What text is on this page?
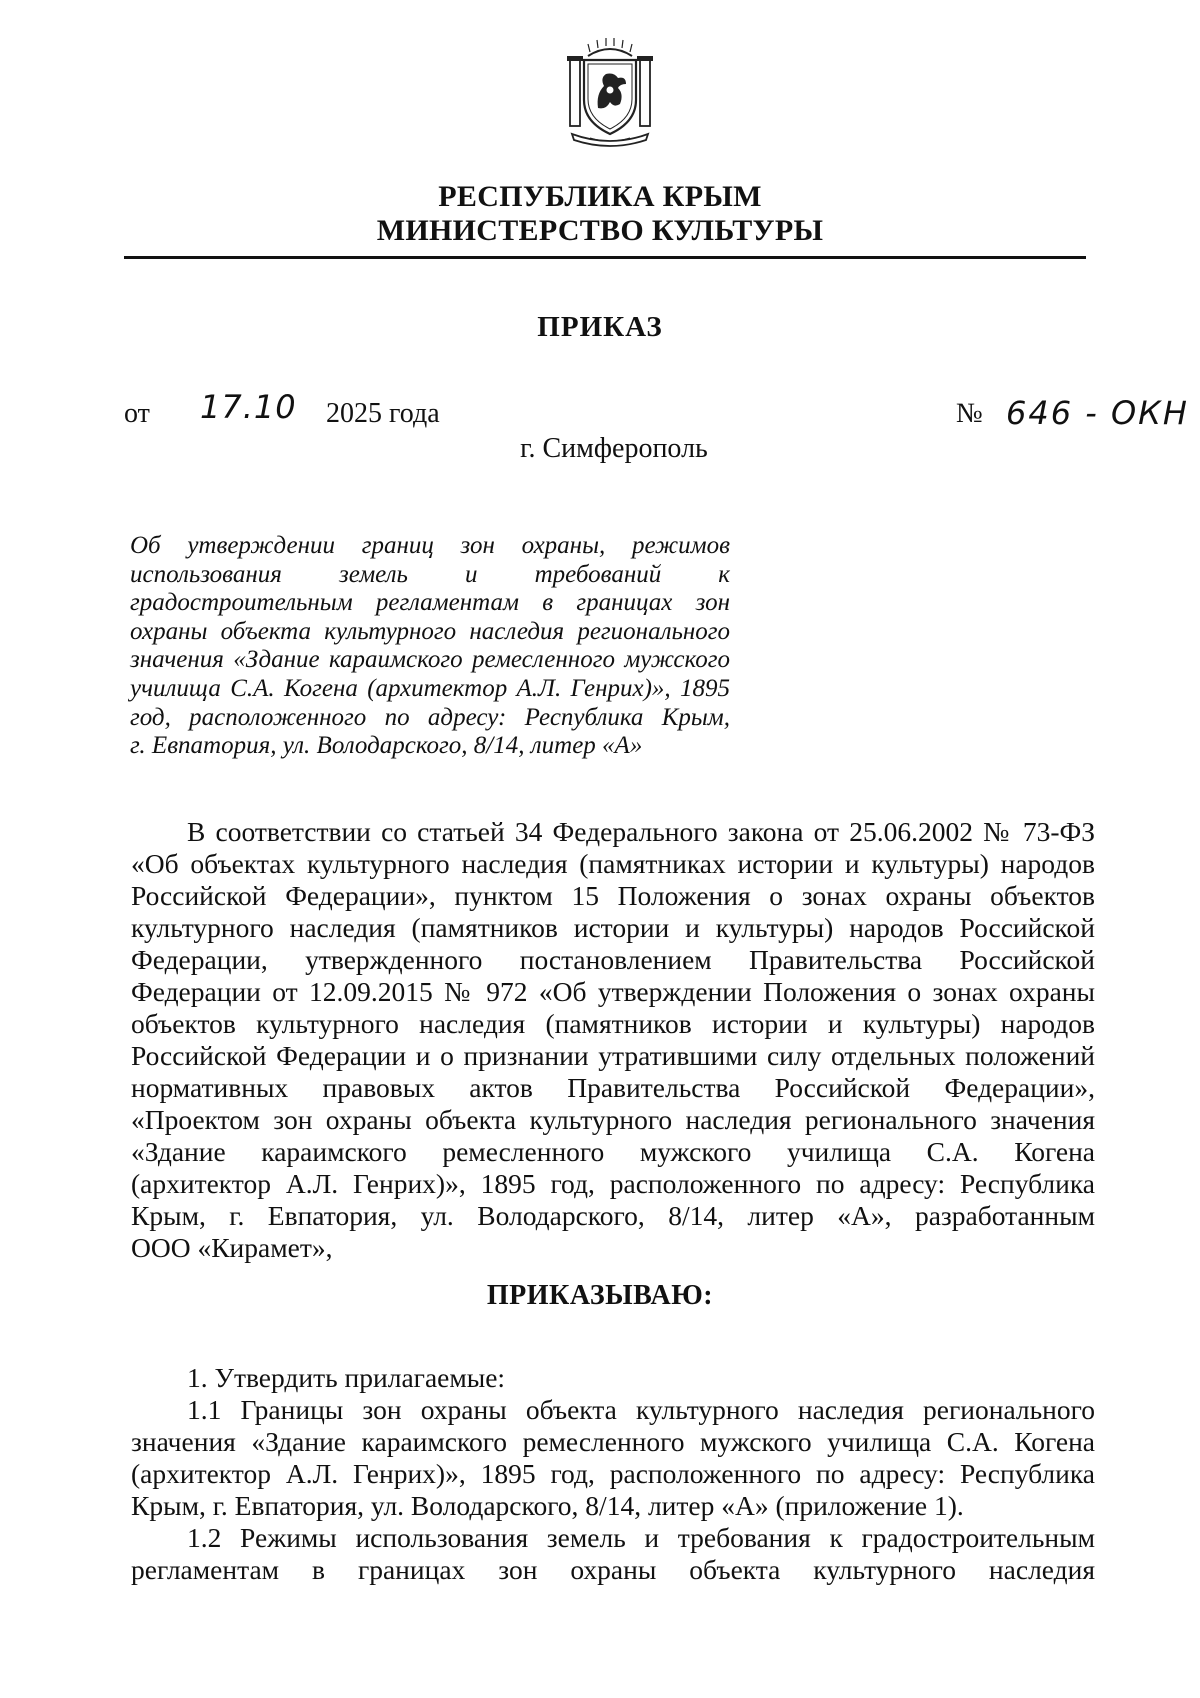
РЕСПУБЛИКА КРЫМ
МИНИСТЕРСТВО КУЛЬТУРЫ
ПРИКАЗ
от 17.10 2025 года	№ 646 - ОКН
г. Симферополь
Об утверждении границ зон охраны, режимов
использования земель и требований к
градостроительным регламентам в границах зон
охраны объекта культурного наследия регионального
значения «Здание караимского ремесленного мужского
училища С.А. Когена (архитектор А.Л. Генрих)», 1895
год, расположенного по адресу: Республика Крым,
г. Евпатория, ул. Володарского, 8/14, литер «А»
В соответствии со статьей 34 Федерального закона от 25.06.2002 № 73-ФЗ
«Об объектах культурного наследия (памятниках истории и культуры) народов
Российской Федерации», пунктом 15 Положения о зонах охраны объектов
культурного наследия (памятников истории и культуры) народов Российской
Федерации, утвержденного постановлением Правительства Российской
Федерации от 12.09.2015 № 972 «Об утверждении Положения о зонах охраны
объектов культурного наследия (памятников истории и культуры) народов
Российской Федерации и о признании утратившими силу отдельных положений
нормативных правовых актов Правительства Российской Федерации»,
«Проектом зон охраны объекта культурного наследия регионального значения
«Здание караимского ремесленного мужского училища С.А. Когена
(архитектор А.Л. Генрих)», 1895 год, расположенного по адресу: Республика
Крым, г. Евпатория, ул. Володарского, 8/14, литер «А», разработанным
ООО «Кирамет»,
ПРИКАЗЫВАЮ:
1. Утвердить прилагаемые:
1.1 Границы зон охраны объекта культурного наследия регионального
значения «Здание караимского ремесленного мужского училища С.А. Когена
(архитектор А.Л. Генрих)», 1895 год, расположенного по адресу: Республика
Крым, г. Евпатория, ул. Володарского, 8/14, литер «А» (приложение 1).
1.2 Режимы использования земель и требования к градостроительным
регламентам в границах зон охраны объекта культурного наследия
